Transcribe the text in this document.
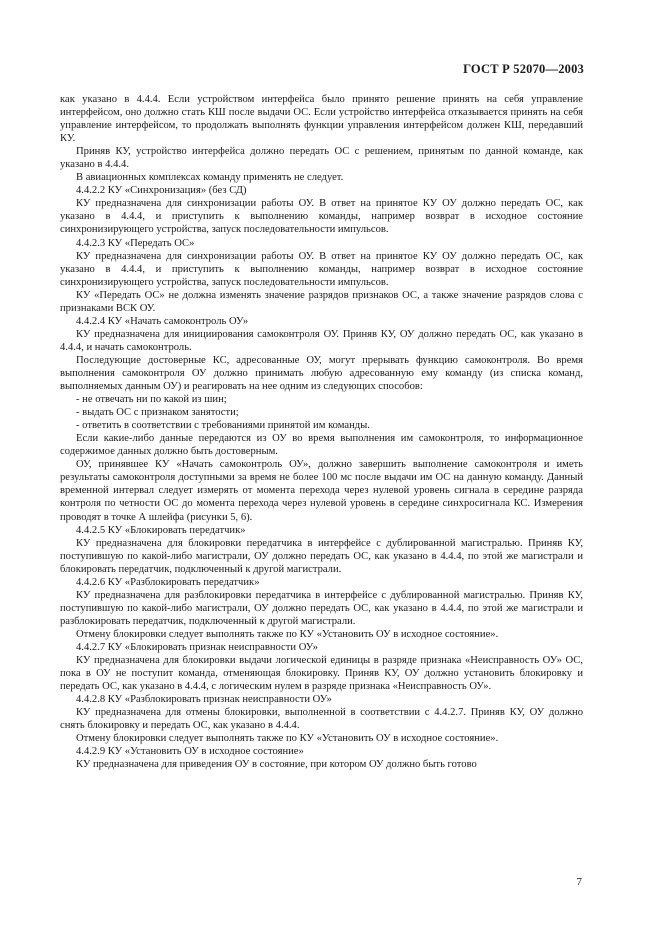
ГОСТ Р 52070—2003

как указано в 4.4.4. Если устройством интерфейса было принято решение принять на себя управление интерфейсом, оно должно стать КШ после выдачи ОС. Если устройство интерфейса отказывается принять на себя управление интерфейсом, то продолжать выполнять функции управления интерфейсом должен КШ, передавший КУ.

Приняв КУ, устройство интерфейса должно передать ОС с решением, принятым по данной команде, как указано в 4.4.4.

В авиационных комплексах команду применять не следует.

4.4.2.2 КУ «Синхронизация» (без СД)

КУ предназначена для синхронизации работы ОУ. В ответ на принятое КУ ОУ должно передать ОС, как указано в 4.4.4, и приступить к выполнению команды, например возврат в исходное состояние синхронизирующего устройства, запуск последовательности импульсов.

4.4.2.3 КУ «Передать ОС»

КУ предназначена для синхронизации работы ОУ. В ответ на принятое КУ ОУ должно передать ОС, как указано в 4.4.4, и приступить к выполнению команды, например возврат в исходное состояние синхронизирующего устройства, запуск последовательности импульсов.

КУ «Передать ОС» не должна изменять значение разрядов признаков ОС, а также значение разрядов слова с признаками ВСК ОУ.

4.4.2.4 КУ «Начать самоконтроль ОУ»

КУ предназначена для инициирования самоконтроля ОУ. Приняв КУ, ОУ должно передать ОС, как указано в 4.4.4, и начать самоконтроль.

Последующие достоверные КС, адресованные ОУ, могут прерывать функцию самоконтроля. Во время выполнения самоконтроля ОУ должно принимать любую адресованную ему команду (из списка команд, выполняемых данным ОУ) и реагировать на нее одним из следующих способов:

- не отвечать ни по какой из шин;

- выдать ОС с признаком занятости;

- ответить в соответствии с требованиями принятой им команды.

Если какие-либо данные передаются из ОУ во время выполнения им самоконтроля, то информационное содержимое данных должно быть достоверным.

ОУ, принявшее КУ «Начать самоконтроль ОУ», должно завершить выполнение самоконтроля и иметь результаты самоконтроля доступными за время не более 100 мс после выдачи им ОС на данную команду. Данный временной интервал следует измерять от момента перехода через нулевой уровень сигнала в середине разряда контроля по четности ОС до момента перехода через нулевой уровень в середине синхросигнала КС. Измерения проводят в точке А шлейфа (рисунки 5, 6).

4.4.2.5 КУ «Блокировать передатчик»

КУ предназначена для блокировки передатчика в интерфейсе с дублированной магистралью. Приняв КУ, поступившую по какой-либо магистрали, ОУ должно передать ОС, как указано в 4.4.4, по этой же магистрали и блокировать передатчик, подключенный к другой магистрали.

4.4.2.6 КУ «Разблокировать передатчик»

КУ предназначена для разблокировки передатчика в интерфейсе с дублированной магистралью. Приняв КУ, поступившую по какой-либо магистрали, ОУ должно передать ОС, как указано в 4.4.4, по этой же магистрали и разблокировать передатчик, подключенный к другой магистрали.

Отмену блокировки следует выполнять также по КУ «Установить ОУ в исходное состояние».

4.4.2.7 КУ «Блокировать признак неисправности ОУ»

КУ предназначена для блокировки выдачи логической единицы в разряде признака «Неисправность ОУ» ОС, пока в ОУ не поступит команда, отменяющая блокировку. Приняв КУ, ОУ должно установить блокировку и передать ОС, как указано в 4.4.4, с логическим нулем в разряде признака «Неисправность ОУ».

4.4.2.8 КУ «Разблокировать признак неисправности ОУ»

КУ предназначена для отмены блокировки, выполненной в соответствии с 4.4.2.7. Приняв КУ, ОУ должно снять блокировку и передать ОС, как указано в 4.4.4.

Отмену блокировки следует выполнять также по КУ «Установить ОУ в исходное состояние».

4.4.2.9 КУ «Установить ОУ в исходное состояние»

КУ предназначена для приведения ОУ в состояние, при котором ОУ должно быть готово

7
